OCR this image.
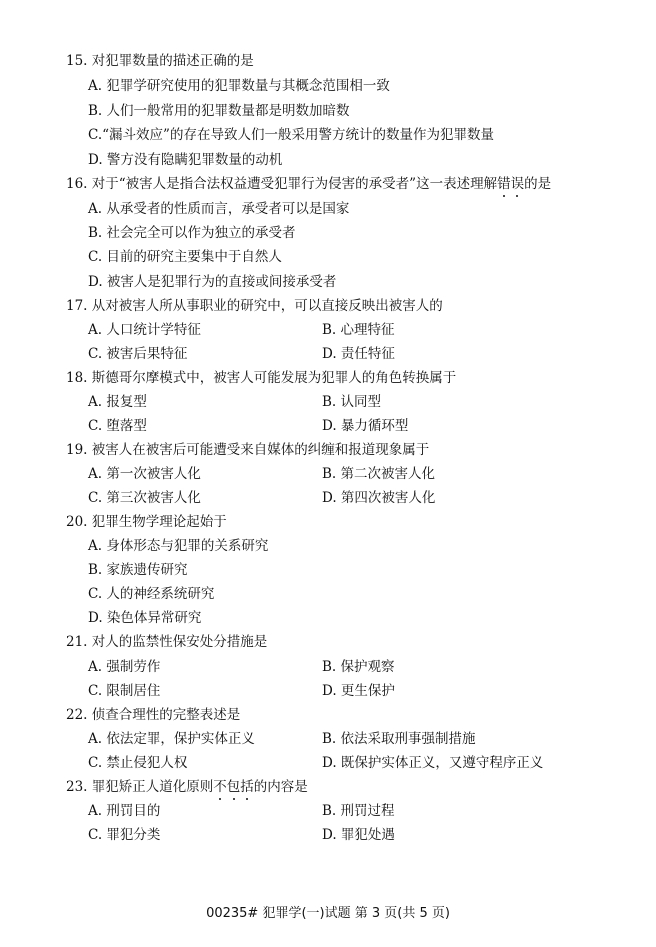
15. 对犯罪数量的描述正确的是
A. 犯罪学研究使用的犯罪数量与其概念范围相一致
B. 人们一般常用的犯罪数量都是明数加暗数
C.“漏斗效应”的存在导致人们一般采用警方统计的数量作为犯罪数量
D. 警方没有隐瞒犯罪数量的动机
16. 对于“被害人是指合法权益遭受犯罪行为侵害的承受者”这一表述理解错误的是
A. 从承受者的性质而言，承受者可以是国家
B. 社会完全可以作为独立的承受者
C. 目前的研究主要集中于自然人
D. 被害人是犯罪行为的直接或间接承受者
17. 从对被害人所从事职业的研究中，可以直接反映出被害人的
A. 人口统计学特征	B. 心理特征
C. 被害后果特征	D. 责任特征
18. 斯德哥尔摩模式中，被害人可能发展为犯罪人的角色转换属于
A. 报复型	B. 认同型
C. 堕落型	D. 暴力循环型
19. 被害人在被害后可能遭受来自媒体的纠缠和报道现象属于
A. 第一次被害人化	B. 第二次被害人化
C. 第三次被害人化	D. 第四次被害人化
20. 犯罪生物学理论起始于
A. 身体形态与犯罪的关系研究
B. 家族遗传研究
C. 人的神经系统研究
D. 染色体异常研究
21. 对人的监禁性保安处分措施是
A. 强制劳作	B. 保护观察
C. 限制居住	D. 更生保护
22. 侦查合理性的完整表述是
A. 依法定罪，保护实体正义	B. 依法采取刑事强制措施
C. 禁止侵犯人权	D. 既保护实体正义，又遵守程序正义
23. 罪犯矫正人道化原则不包括的内容是
A. 刑罚目的	B. 刑罚过程
C. 罪犯分类	D. 罪犯处遇
00235# 犯罪学(一)试题 第 3 页(共 5 页)
